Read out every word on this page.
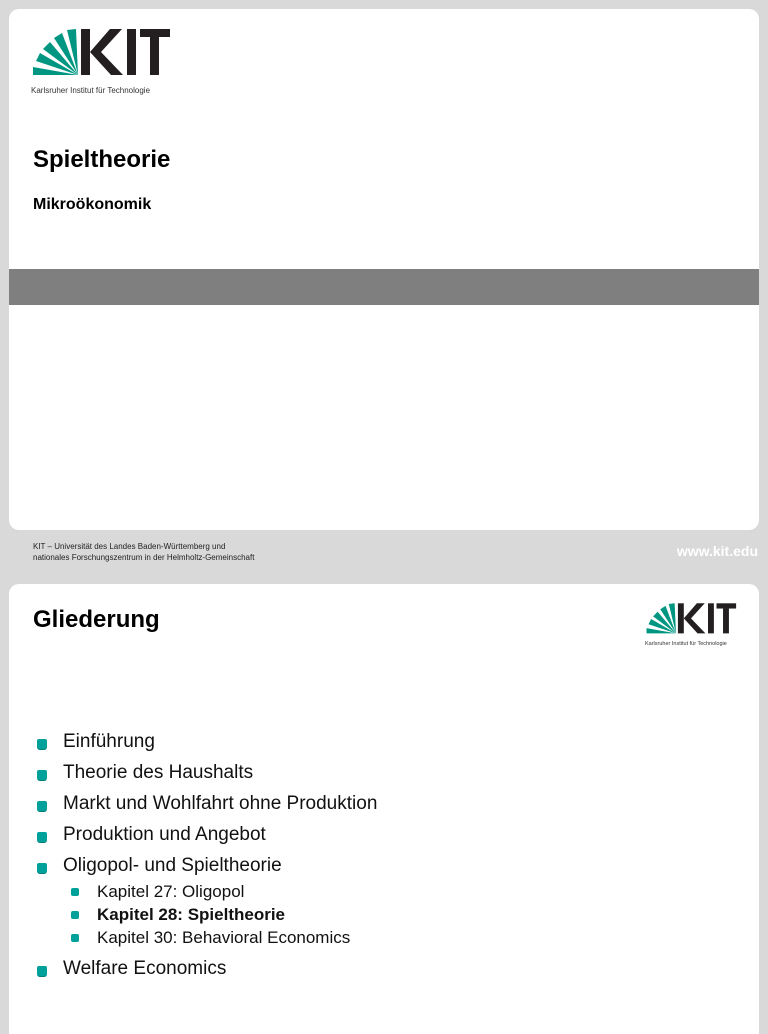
Karlsruher Institut für Technologie
Spieltheorie
Mikroökonomik
KIT – Universität des Landes Baden-Württemberg und
nationales Forschungszentrum in der Helmholtz-Gemeinschaft	www.kit.edu
Gliederung
Karlsruher Institut für Technologie
Einführung
Theorie des Haushalts
Markt und Wohlfahrt ohne Produktion
Produktion und Angebot
Oligopol- und Spieltheorie
Kapitel 27: Oligopol
Kapitel 28: Spieltheorie
Kapitel 30: Behavioral Economics
Welfare Economics
